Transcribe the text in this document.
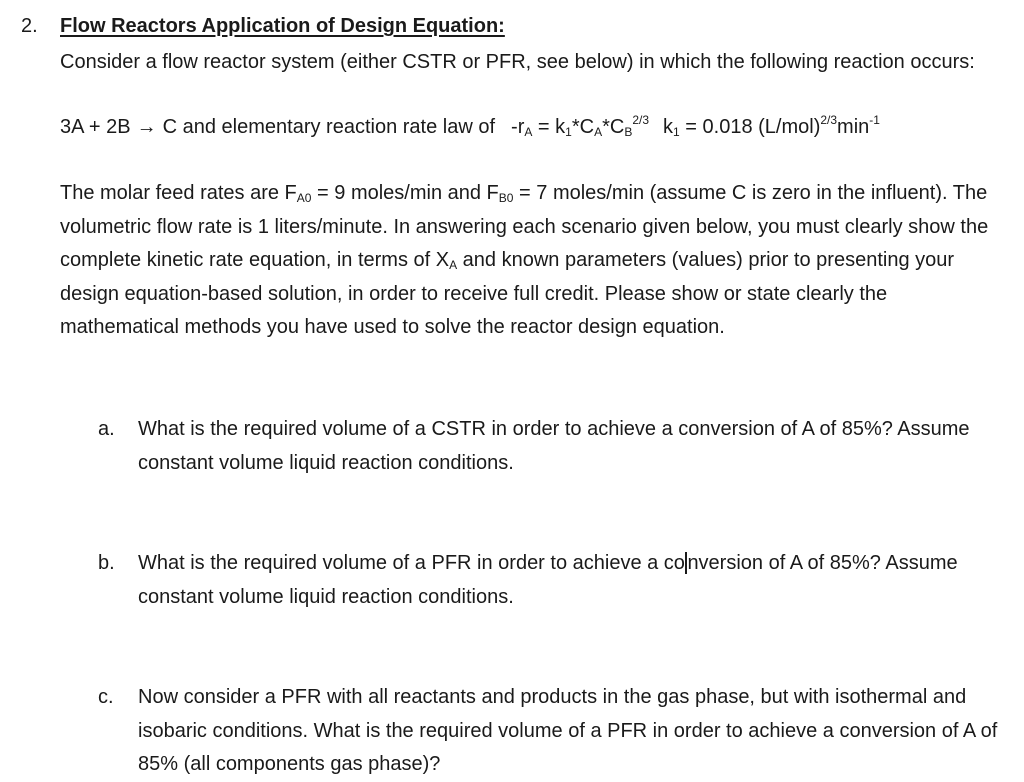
2. Flow Reactors Application of Design Equation:
Consider a flow reactor system (either CSTR or PFR, see below) in which the following reaction occurs:
3A + 2B → C and elementary reaction rate law of $-r_A = k_1*C_A*C_B^{2/3}$ $k_1 = 0.018$ $(L/mol)^{2/3}\min^{-1}$
The molar feed rates are $F_{A0} = 9$ moles/min and $F_{B0} = 7$ moles/min (assume C is zero in the influent). The volumetric flow rate is 1 liters/minute. In answering each scenario given below, you must clearly show the complete kinetic rate equation, in terms of $X_A$ and known parameters (values) prior to presenting your design equation-based solution, in order to receive full credit. Please show or state clearly the mathematical methods you have used to solve the reactor design equation.
a. What is the required volume of a CSTR in order to achieve a conversion of A of 85%? Assume constant volume liquid reaction conditions.
b. What is the required volume of a PFR in order to achieve a co nversion of A of 85%? Assume constant volume liquid reaction conditions.
c. Now consider a PFR with all reactants and products in the gas phase, but with isothermal and isobaric conditions. What is the required volume of a PFR in order to achieve a conversion of A of 85% (all components gas phase)?
